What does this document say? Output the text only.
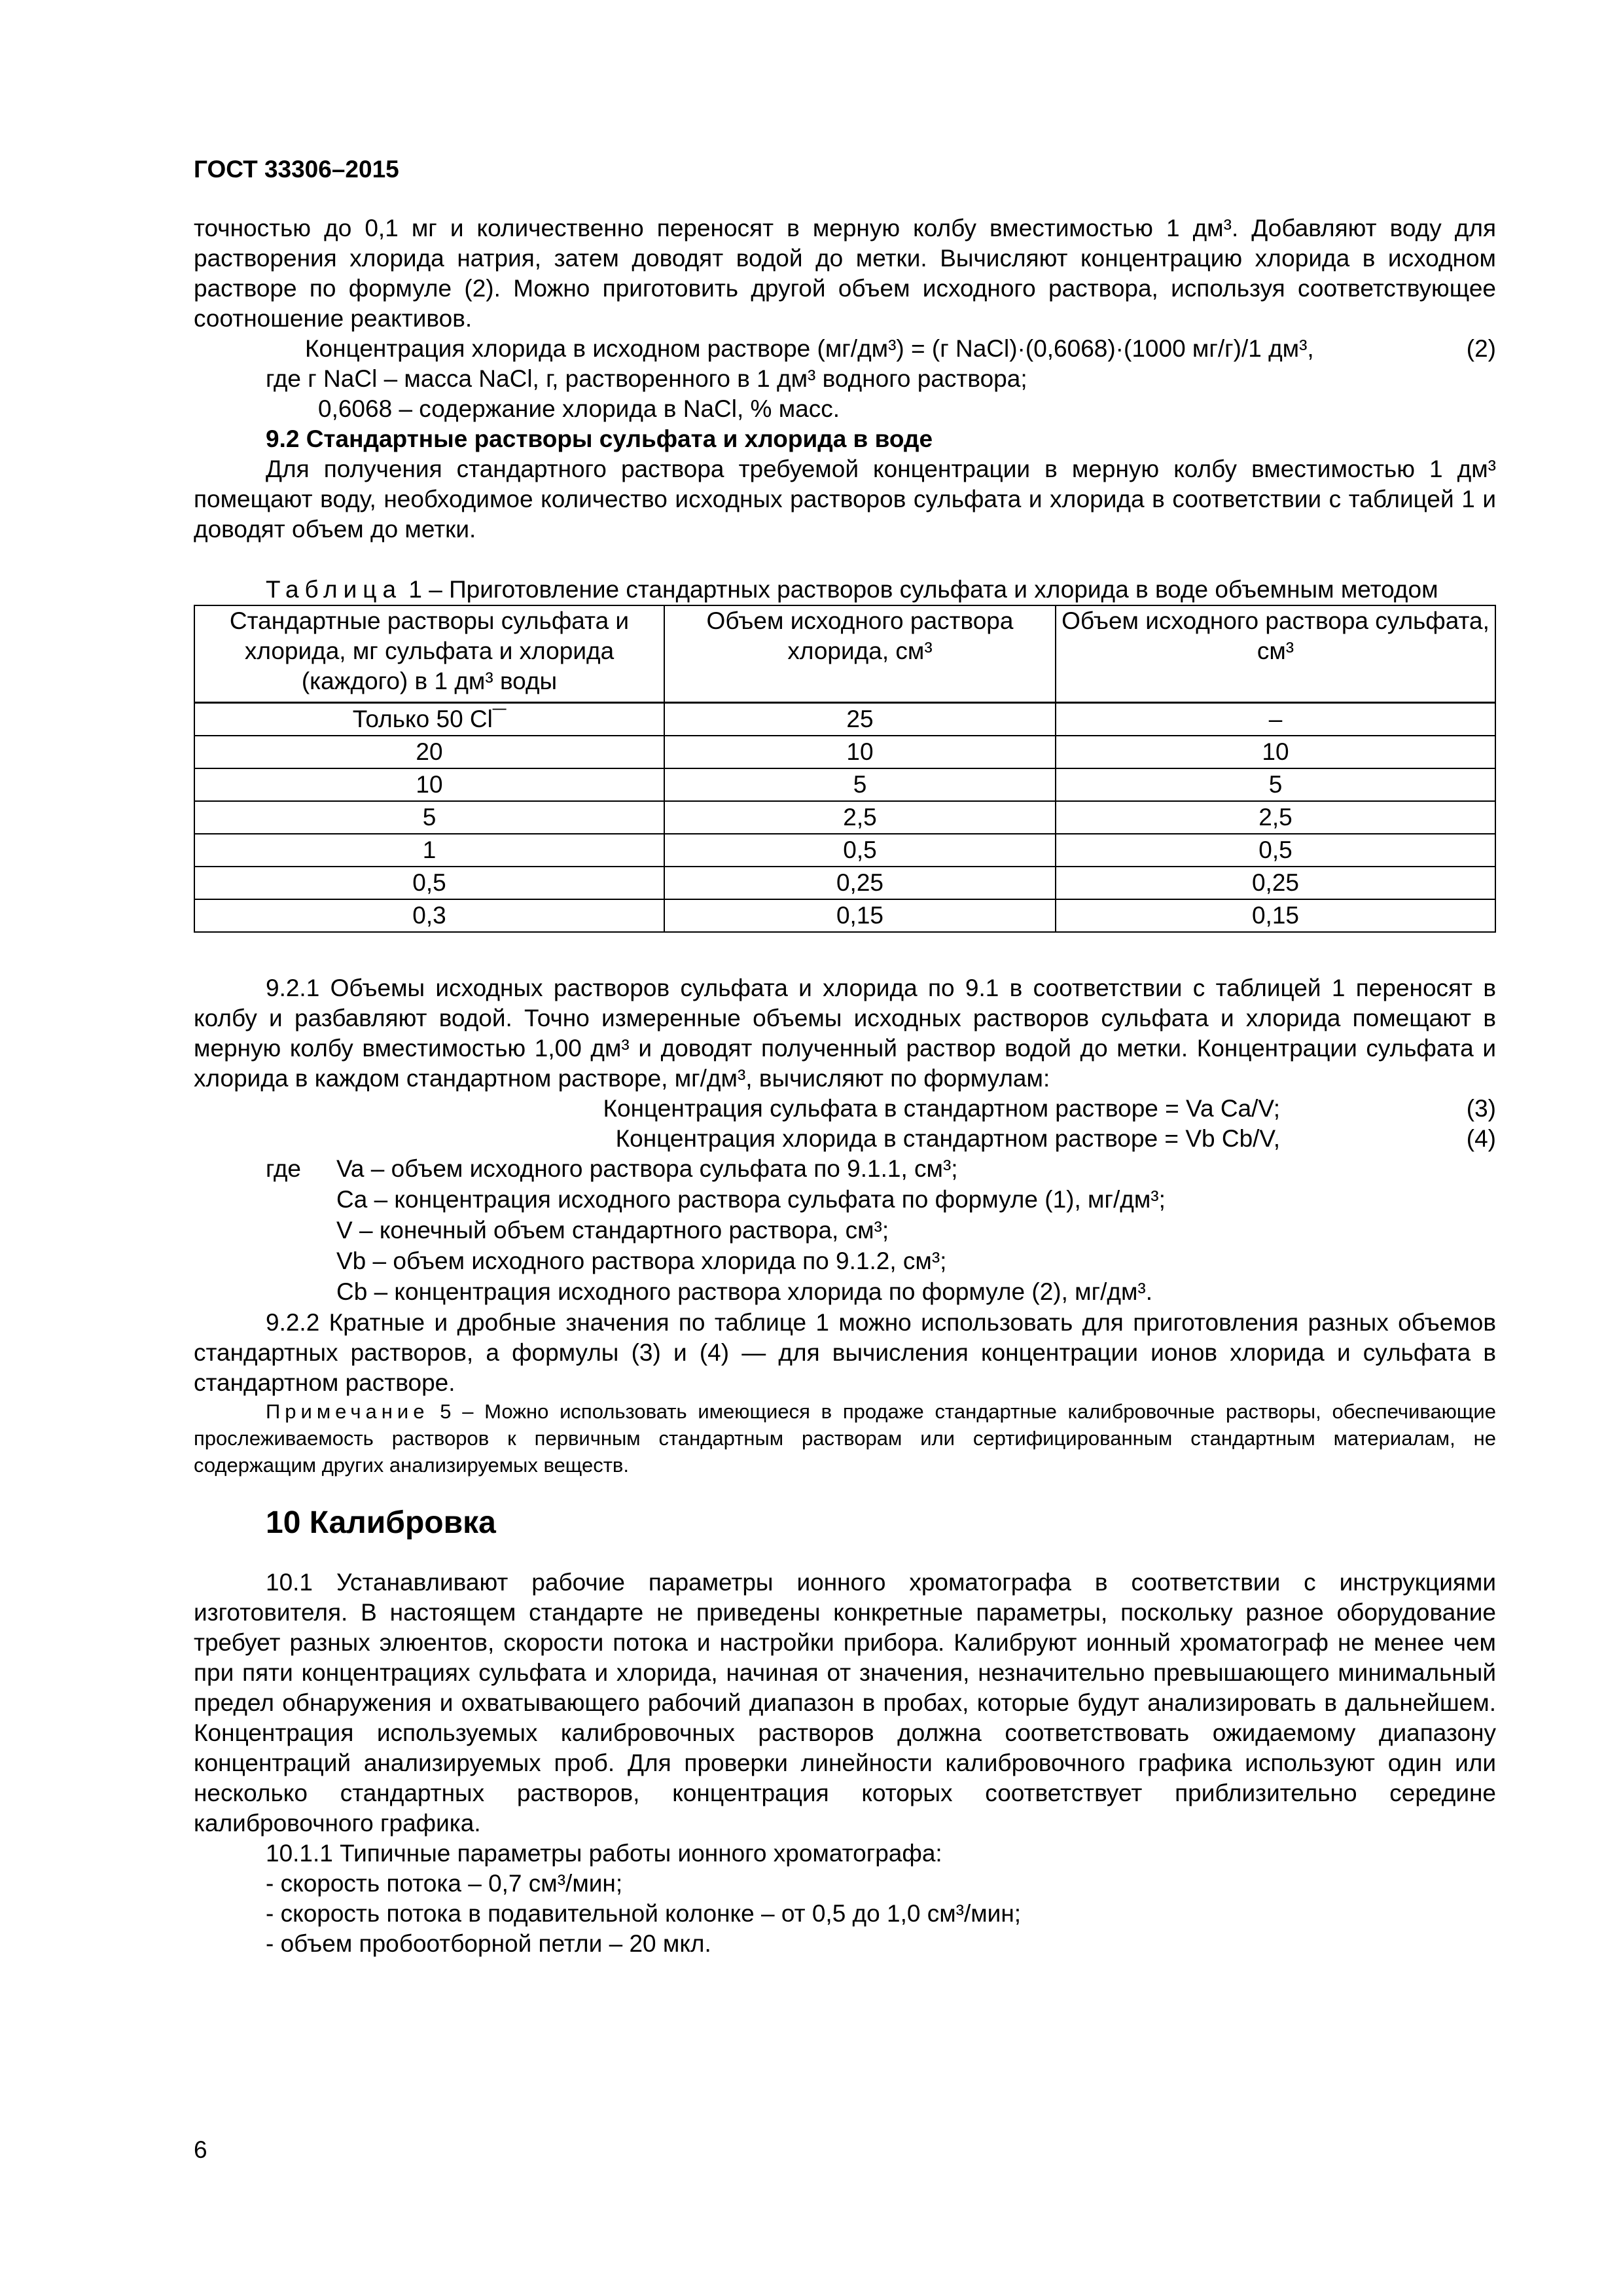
ГОСТ 33306–2015

точностью до 0,1 мг и количественно переносят в мерную колбу вместимостью 1 дм³. Добавляют воду для растворения хлорида натрия, затем доводят водой до метки. Вычисляют концентрацию хлорида в исходном растворе по формуле (2). Можно приготовить другой объем исходного раствора, используя соответствующее соотношение реактивов.

Концентрация хлорида в исходном растворе (мг/дм³) = (г NaCl)·(0,6068)·(1000 мг/г)/1 дм³,	(2)

где г NaCl – масса NaCl, г, растворенного в 1 дм³ водного раствора;

0,6068 – содержание хлорида в NaCl, % масс.

9.2 Стандартные растворы сульфата и хлорида в воде

Для получения стандартного раствора требуемой концентрации в мерную колбу вместимостью 1 дм³ помещают воду, необходимое количество исходных растворов сульфата и хлорида в соответствии с таблицей 1 и доводят объем до метки.

Таблица 1 – Приготовление стандартных растворов сульфата и хлорида в воде объемным методом

Стандартные растворы сульфата и хлорида, мг сульфата и хлорида (каждого) в 1 дм³ воды	Объем исходного раствора хлорида, см³	Объем исходного раствора сульфата, см³
Только 50 Cl¯	25	–
20	10	10
10	5	5
5	2,5	2,5
1	0,5	0,5
0,5	0,25	0,25
0,3	0,15	0,15

9.2.1 Объемы исходных растворов сульфата и хлорида по 9.1 в соответствии с таблицей 1 переносят в колбу и разбавляют водой. Точно измеренные объемы исходных растворов сульфата и хлорида помещают в мерную колбу вместимостью 1,00 дм³ и доводят полученный раствор водой до метки. Концентрации сульфата и хлорида в каждом стандартном растворе, мг/дм³, вычисляют по формулам:

Концентрация сульфата в стандартном растворе = Va Ca/V;	(3)
Концентрация хлорида в стандартном растворе = Vb Cb/V,	(4)
где Va – объем исходного раствора сульфата по 9.1.1, см³;
Ca – концентрация исходного раствора сульфата по формуле (1), мг/дм³;
V – конечный объем стандартного раствора, см³;
Vb – объем исходного раствора хлорида по 9.1.2, см³;
Cb – концентрация исходного раствора хлорида по формуле (2), мг/дм³.

9.2.2 Кратные и дробные значения по таблице 1 можно использовать для приготовления разных объемов стандартных растворов, а формулы (3) и (4) — для вычисления концентрации ионов хлорида и сульфата в стандартном растворе.

Примечание 5 – Можно использовать имеющиеся в продаже стандартные калибровочные растворы, обеспечивающие прослеживаемость растворов к первичным стандартным растворам или сертифицированным стандартным материалам, не содержащим других анализируемых веществ.

10 Калибровка

10.1 Устанавливают рабочие параметры ионного хроматографа в соответствии с инструкциями изготовителя. В настоящем стандарте не приведены конкретные параметры, поскольку разное оборудование требует разных элюентов, скорости потока и настройки прибора. Калибруют ионный хроматограф не менее чем при пяти концентрациях сульфата и хлорида, начиная от значения, незначительно превышающего минимальный предел обнаружения и охватывающего рабочий диапазон в пробах, которые будут анализировать в дальнейшем. Концентрация используемых калибровочных растворов должна соответствовать ожидаемому диапазону концентраций анализируемых проб. Для проверки линейности калибровочного графика используют один или несколько стандартных растворов, концентрация которых соответствует приблизительно середине калибровочного графика.

10.1.1 Типичные параметры работы ионного хроматографа:

- скорость потока – 0,7 см³/мин;

- скорость потока в подавительной колонке – от 0,5 до 1,0 см³/мин;

- объем пробоотборной петли – 20 мкл.

6
